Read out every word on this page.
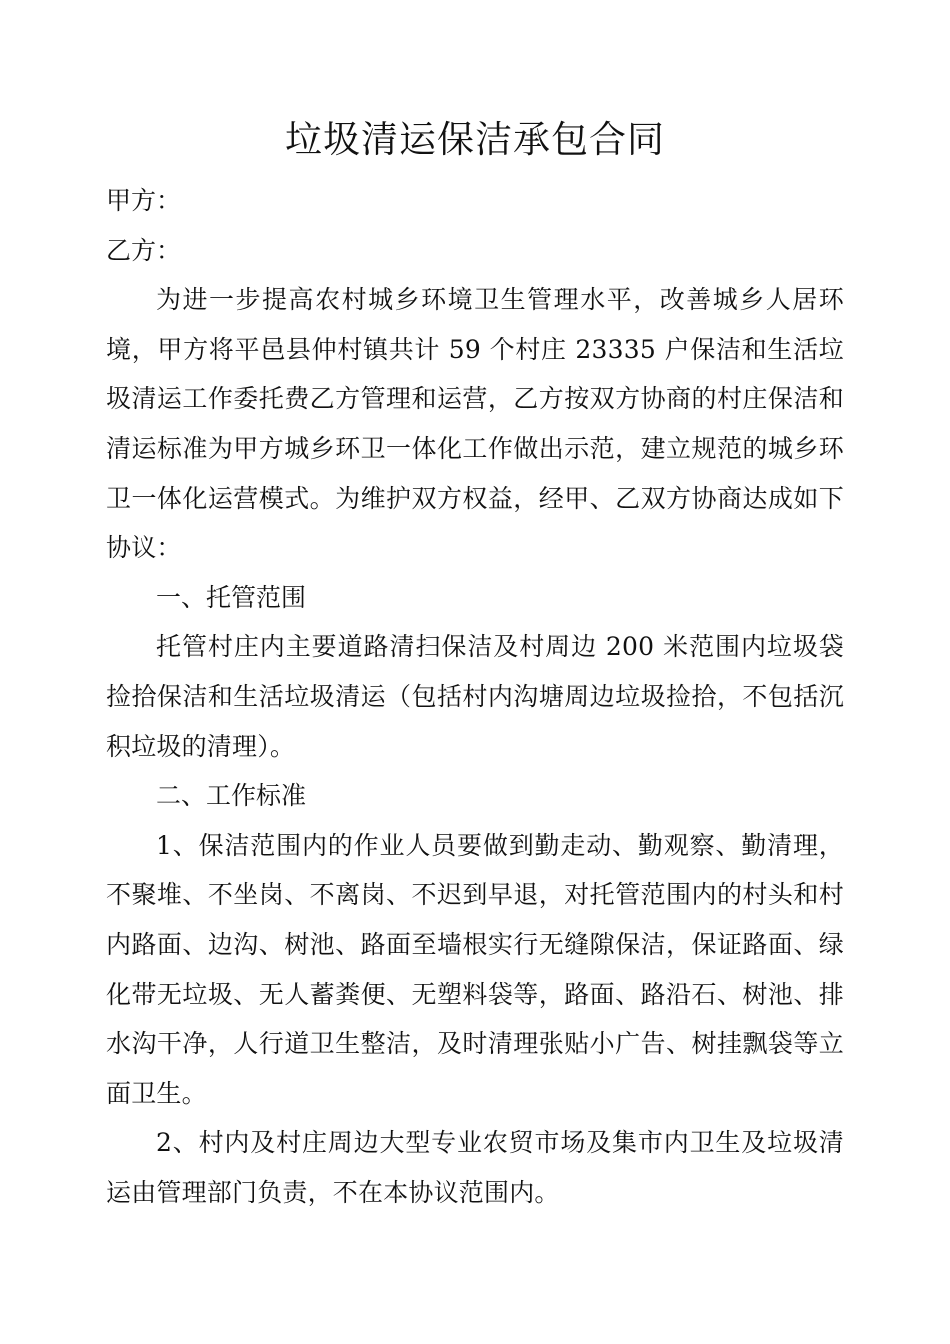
垃圾清运保洁承包合同

甲方：

乙方：

为进一步提高农村城乡环境卫生管理水平，改善城乡人居环境，甲方将平邑县仲村镇共计 59 个村庄 23335 户保洁和生活垃圾清运工作委托费乙方管理和运营，乙方按双方协商的村庄保洁和清运标准为甲方城乡环卫一体化工作做出示范，建立规范的城乡环卫一体化运营模式。为维护双方权益，经甲、乙双方协商达成如下协议：

一、托管范围

托管村庄内主要道路清扫保洁及村周边 200 米范围内垃圾袋捡拾保洁和生活垃圾清运（包括村内沟塘周边垃圾捡拾，不包括沉积垃圾的清理）。

二、工作标准

1、保洁范围内的作业人员要做到勤走动、勤观察、勤清理，不聚堆、不坐岗、不离岗、不迟到早退，对托管范围内的村头和村内路面、边沟、树池、路面至墙根实行无缝隙保洁，保证路面、绿化带无垃圾、无人蓄粪便、无塑料袋等，路面、路沿石、树池、排水沟干净，人行道卫生整洁，及时清理张贴小广告、树挂飘袋等立面卫生。

2、村内及村庄周边大型专业农贸市场及集市内卫生及垃圾清运由管理部门负责，不在本协议范围内。
